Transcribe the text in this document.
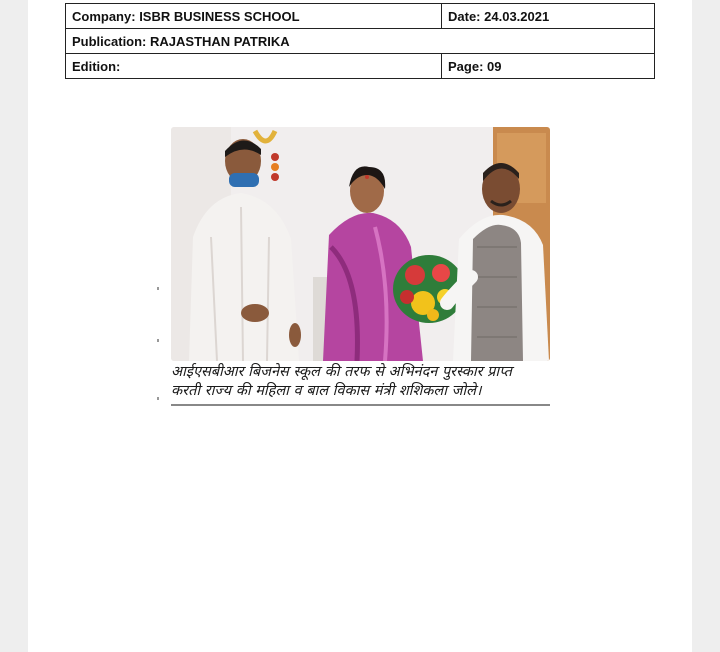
Company: ISBR BUSINESS SCHOOL	Date: 24.03.2021
Publication: RAJASTHAN PATRIKA	
Edition:	Page: 09
आईएसबीआर बिजनेस स्कूल की तरफ से अभिनंदन पुरस्कार प्राप्त
करती राज्य की महिला व बाल विकास मंत्री शशिकला जोले।
